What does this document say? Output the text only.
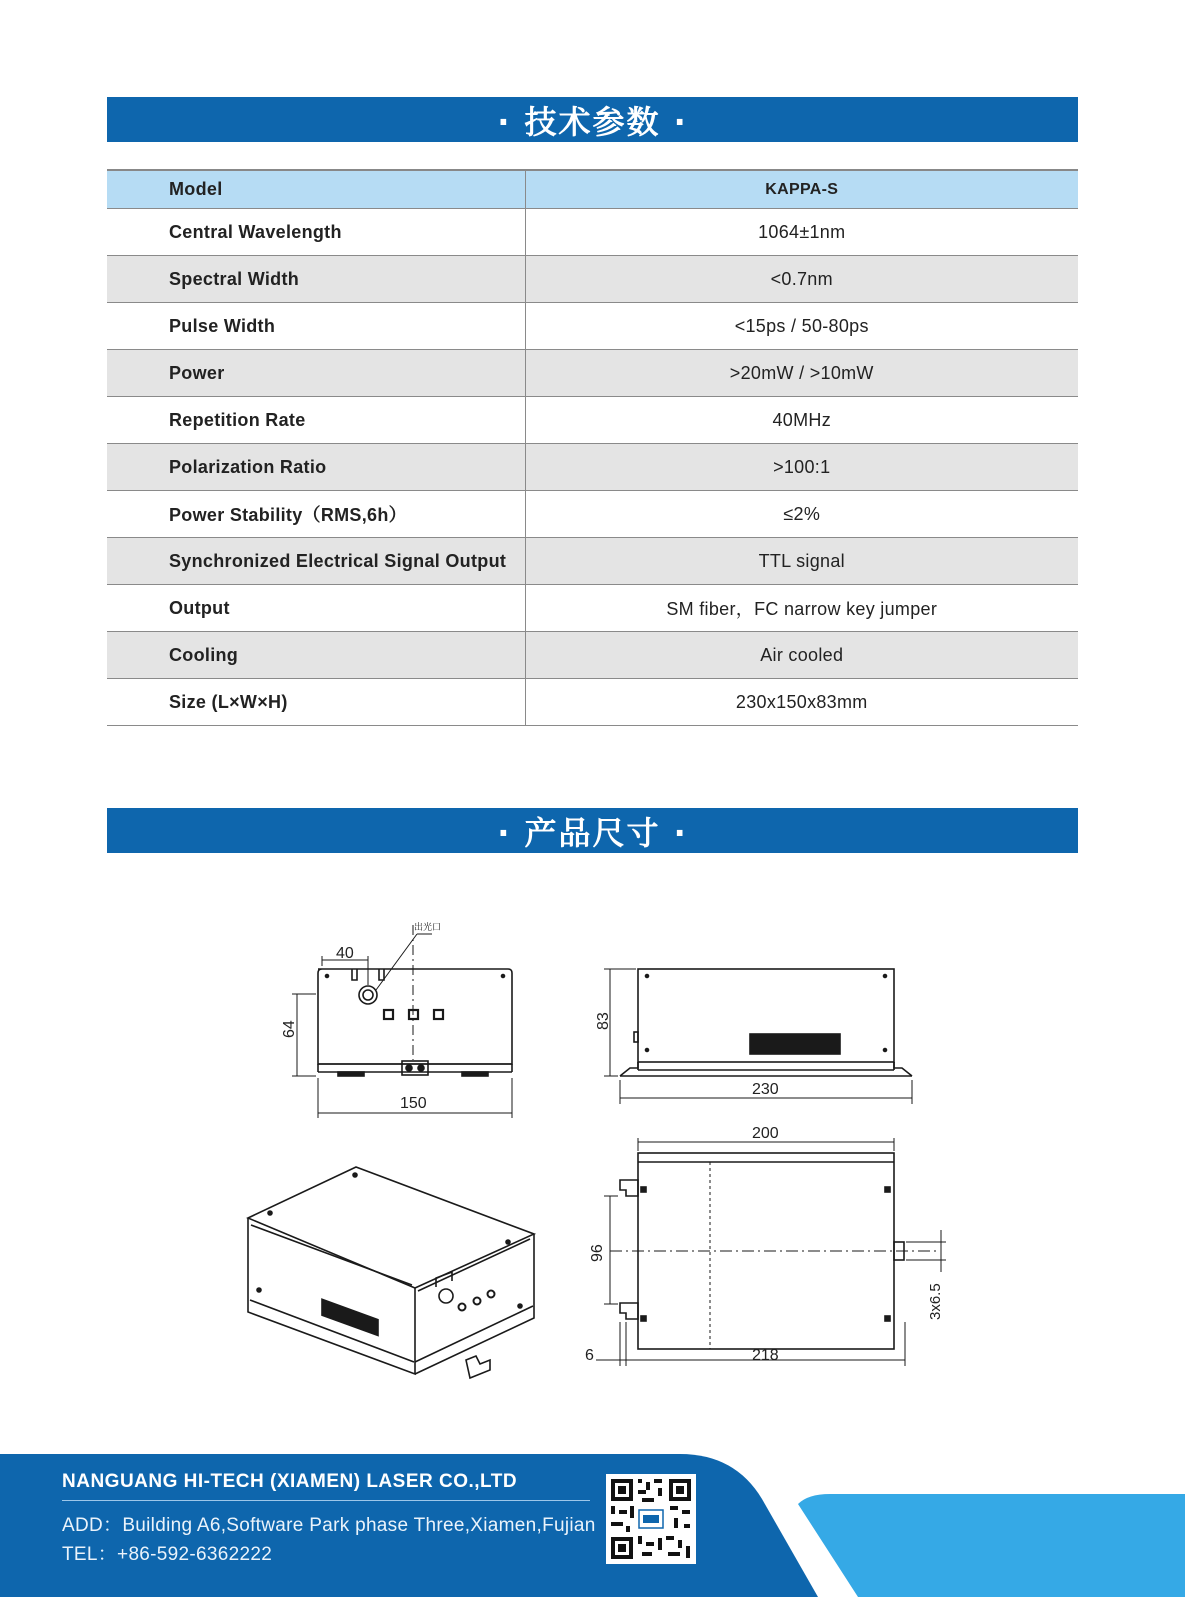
· 技术参数 ·
Model	KAPPA-S
Central Wavelength	1064±1nm
Spectral Width	<0.7nm
Pulse Width	<15ps / 50-80ps
Power	>20mW / >10mW
Repetition Rate	40MHz
Polarization Ratio	>100:1
Power Stability（RMS,6h）	≤2%
Synchronized Electrical Signal Output	TTL signal
Output	SM fiber，FC narrow key jumper
Cooling	Air cooled
Size (L×W×H)	230x150x83mm
· 产品尺寸 ·
40
64
150
出光口
83
230
200
96
218
6
3x6.5
NANGUANG HI-TECH (XIAMEN) LASER CO.,LTD
ADD：Building A6,Software Park phase Three,Xiamen,Fujian
TEL：+86-592-6362222
